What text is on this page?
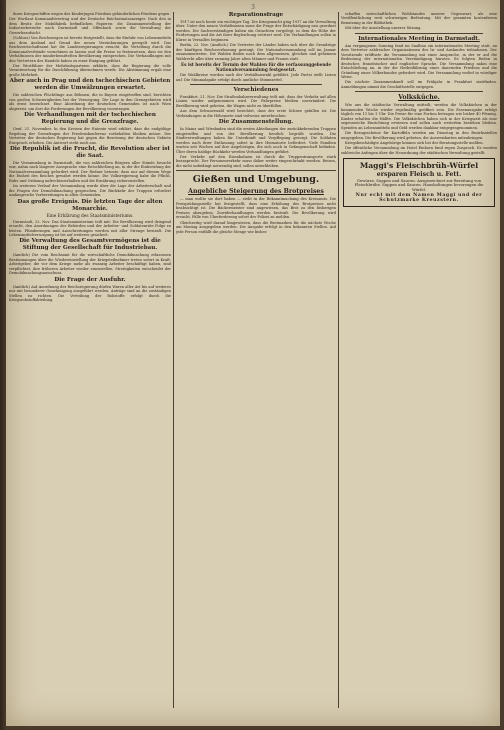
3

ihren Kriegsschiffen wegen des Kinderjugen Friedens gehinderlichen Friedens gegen.

Der Wortlaut Kommanditvertrag und der Deutsche Reichsstaatsanzeiger. Nach den in dem Besitz der Mobilfabrik befindlichen Papieren: die Zusammenstellung der Industriebetriebe nach Darmstadt und Offenbach sowie die Verwaltung der Gewerbeaufsicht.

(Schluss) Von Reichswegen ist bereits festgestellt, dass die Einfuhr von Lebensmitteln aus dem Ausland auf Grund der neuen Vereinbarungen geregelt wird. Das Reichswirtschaftsamt hat die Landesregierungen ersucht, die Verteilung durch die Kommunalverbände vornehmen zu lassen und die Preise so festzusetzen, dass sie den Verhältnissen der minderbemittelten Bevölkerung entsprechen. Die Verhandlungen mit den Vertretern des Handels haben zu einer Einigung geführt.

Der Wortführer der Mehrheitsparteien erklärte, dass die Regierung die volle Verantwortung für die Durchführung übernehmen werde. Die Abstimmung ergab eine große Mehrheit.

Aber auch in Prag und den tschechischen Gebieten werden die Umwälzungen erwartet.

Die zahlreichen Flüchtlinge aus Böhmen, die in Bayern eingetroffen sind, berichten von großen Schwierigkeiten bei der Versorgung. Die Lage in den Grenzgebieten wird als ernst bezeichnet. Eine Abordnung der deutschen Gemeinden ist nach Wien abgereist, um dort die Forderungen der Bevölkerung vorzutragen.

Die Verhandlungen mit der tschechischen Regierung und die Grenzfrage.

Genf, 21. November. In den Kreisen der Entente wird erklärt, dass die endgültige Regelung der Grenzfragen der Friedenskonferenz vorbehalten bleiben müsse. Der Vertreter der deutschen Regierung hat gegen die Besetzung der deutschen Gebiete Einspruch erhoben. Die Antwort steht noch aus.

Die Republik ist die Frucht, die Revolution aber ist die Saat.

Die Versammlung in Darmstadt, die von zahlreichen Bürgern aller Stände besucht war, nahm nach längerer Aussprache eine Entschließung an, in der die Einberufung der Nationalversammlung gefordert wird. Der Redner betonte, dass nur auf diesem Wege die Einheit des Reiches gewahrt werden könne. Die Volksregierung habe die Pflicht, Ruhe und Ordnung aufrechtzuerhalten und die Ernährung sicherzustellen.

Im weiteren Verlauf der Versammlung wurde über die Lage der Arbeiterschaft und die Fragen der Demobilmachung gesprochen. Die Rückkehr der Truppen erfordert umfangreiche Vorbereitungen in allen Gemeinden.

Das große Ereignis. Die letzten Tage der alten Monarchie.

Eine Erklärung des Staatsministeriums.

Darmstadt, 22. Nov. Das Staatsministerium teilt mit: Die Bevölkerung wird dringend ersucht, den Anordnungen der Behörden und der Arbeiter- und Soldatenräte Folge zu leisten. Plünderungen und Ausschreitungen werden mit aller Strenge bestraft. Die Lebensmittelversorgung ist bis auf weiteres gesichert.

Die Verwaltung des Gesamtvermögens ist die Stiftung der Gesellschaft für Industriebau.

(Amtlich) Die vom Reichsamt für die wirtschaftliche Demobilmachung erlassenen Bestimmungen über die Wiedereinstellung der Kriegsteilnehmer treten sofort in Kraft. Arbeitgeber, die vor dem Kriege mehr als zwanzig Arbeiter beschäftigt haben, sind verpflichtet, ihre früheren Arbeiter wieder einzustellen. Streitigkeiten entscheidet der Demobilmachungsausschuss.

Die Frage der Ausfuhr.

(Amtlich) Auf Anordnung der Reichsregierung dürfen Waren aller Art bis auf weiteres nur mit besonderer Genehmigung ausgeführt werden. Anträge sind an die zuständigen Stellen zu richten. Die Verteilung der Rohstoffe erfolgt durch die Kriegsrohstoffabteilung.

Reparationsfrage

1917 ist noch heute ein wichtiger Tag. Die Kriegsmacht ging 1917 an die Verwaltung über. Unter den neuen Verhältnissen muss die Frage der Entschädigung neu geordnet werden. Die Sachverständigen haben ein Gutachten vorgelegt, in dem die Höhe der Forderungen und die Art ihrer Begleichung erörtert wird. Die Verhandlungen sollen in Kürze in Versailles beginnen.

Berlin, 22. Nov. (Amtlich.) Die Vertreter der Länder haben sich über die Grundzüge der künftigen Reichsverfassung geeinigt. Die Nationalversammlung soll im Januar zusammentreten. Die Wahlen finden nach dem allgemeinen, gleichen und geheimen Wahlrecht aller über zwanzig Jahre alten Männer und Frauen statt.

Es ist bereits der Termin der Wahlen für die verfassunggebende Nationalversammlung festgesetzt.

Die Wahlkreise werden nach der Verhältniswahl gebildet. Jede Partei stellt Listen auf. Die Stimmabgabe erfolgt durch amtliche Stimmzettel.

Verschiedenes

Frankfurt, 21. Nov. Die Straßenbahnverwaltung teilt mit, dass der Verkehr auf allen Linien wieder aufgenommen wird. Die Fahrpreise bleiben unverändert. Die Bevölkerung wird gebeten, die Wagen nicht zu überfüllen.

Aus dem Schwarzwald wird berichtet, dass der erste Schnee gefallen ist. Die Verbindungen in die Höhenorte sind teilweise unterbrochen.

Die Zusammenstellung.

In Mainz und Wiesbaden sind die ersten Abteilungen der zurückkehrenden Truppen eingetroffen und von der Bevölkerung herzlich begrüßt worden. Die Stadtverwaltungen haben für Unterkunft und Verpflegung gesorgt. Die Soldaten werden nach ihrer Entlassung sofort in ihre Heimatorte befördert. Viele Familien warten seit Wochen auf ihre Angehörigen, die sich noch in Gefangenschaft befinden. Über deren baldige Rückkehr werden Verhandlungen geführt.

Der Verkehr auf den Eisenbahnen ist durch die Truppentransporte stark beansprucht. Der Personenverkehr muss daher weiter eingeschränkt werden. Reisen, die nicht unbedingt notwendig sind, sollen unterbleiben.

Gießen und Umgebung.
Angebliche Steigerung des Brotpreises

— man wollte sie dort haben — steht in der Bekanntmachung des Kreisamts. Die Preisprüfungsstelle hat festgestellt, dass eine Erhöhung des Brotpreises nicht beabsichtigt ist. Die Bäckermeister sind angewiesen, das Brot zu den bisherigen Preisen abzugeben. Zuwiderhandlungen werden bestraft. Die Bevölkerung wird ersucht, Fälle von Überforderung sofort der Polizei zu melden.

Gleichzeitig wird darauf hingewiesen, dass die Brotmarken für die nächste Woche am Montag ausgegeben werden. Die Ausgabe erfolgt in den bekannten Stellen. Auf jede Person entfällt die gleiche Menge wie bisher.

schaffen wirtschaftlichen Wohlstandes unserer Gegenwart, als eine Veröffentlichung weit schwierigen Bedeutung. Mit der gesamten kostenfreien Benutzung in der Bibliothek.

Mit über die Ausstellung unserer Sitzung.

Internationales Meeting in Darmstadt.

Am vergangenen Sonntag fand im Saalbau ein internationales Meeting statt, an dem Vertreter zahlreicher Organisationen des In- und Auslandes teilnahmen. Der Vorsitzende eröffnete die Versammlung mit einer Ansprache, in der er auf die Bedeutung der internationalen Verständigung hinwies. Es folgten Reden in deutscher, französischer und englischer Sprache. Die Versammlung nahm eine Entschließung an, in der die Herbeiführung eines dauernden Friedens und die Gründung eines Völkerbundes gefordert wird. Die Versammlung verlief in würdiger Weise.

Die nächste Zusammenkunft soll im Frühjahr in Frankfurt stattfinden. Anmeldungen nimmt die Geschäftsstelle entgegen.

Volksküche.

Wie uns die städtische Verwaltung mitteilt, werden die Volksküchen in der kommenden Woche wieder regelmäßig geöffnet sein. Die Essenausgabe erfolgt täglich von 11 bis 1 Uhr. Die Preise für eine Portion betragen wie bisher 40 Pfennig. Kinder erhalten die Hälfte. Die Volksküchen haben sich in der Kriegszeit als eine segensreiche Einrichtung erwiesen und sollen auch weiterhin bestehen bleiben. Spenden an Lebensmitteln und Geld werden dankbar entgegengenommen.

Die Bezugsscheine für Kartoffeln werden am Dienstag in den Bezirksstellen ausgegeben. Die Bevölkerung wird gebeten, die Ausweiskarten mitzubringen.

Kriegsbeschädigte Angehörige können sich bei der Beratungsstelle melden.

Die öffentliche Versammlung im Hotel Einhorn fand regen Zuspruch. Es wurden zahlreiche Anfragen über die Neuordnung der städtischen Verwaltung gestellt.

Maggi's Fleischbrüh-Würfel
ersparen Fleisch u. Fett.
Gewürze, Suppen und Saucen. Ausgezeichnet zur Bereitung von Fleischbrühe, Suppen und Saucen. Haushaltungen bevorzugen die Würfel.
Nur echt mit dem Namen Maggi und der Schutzmarke Kreuzstern.
